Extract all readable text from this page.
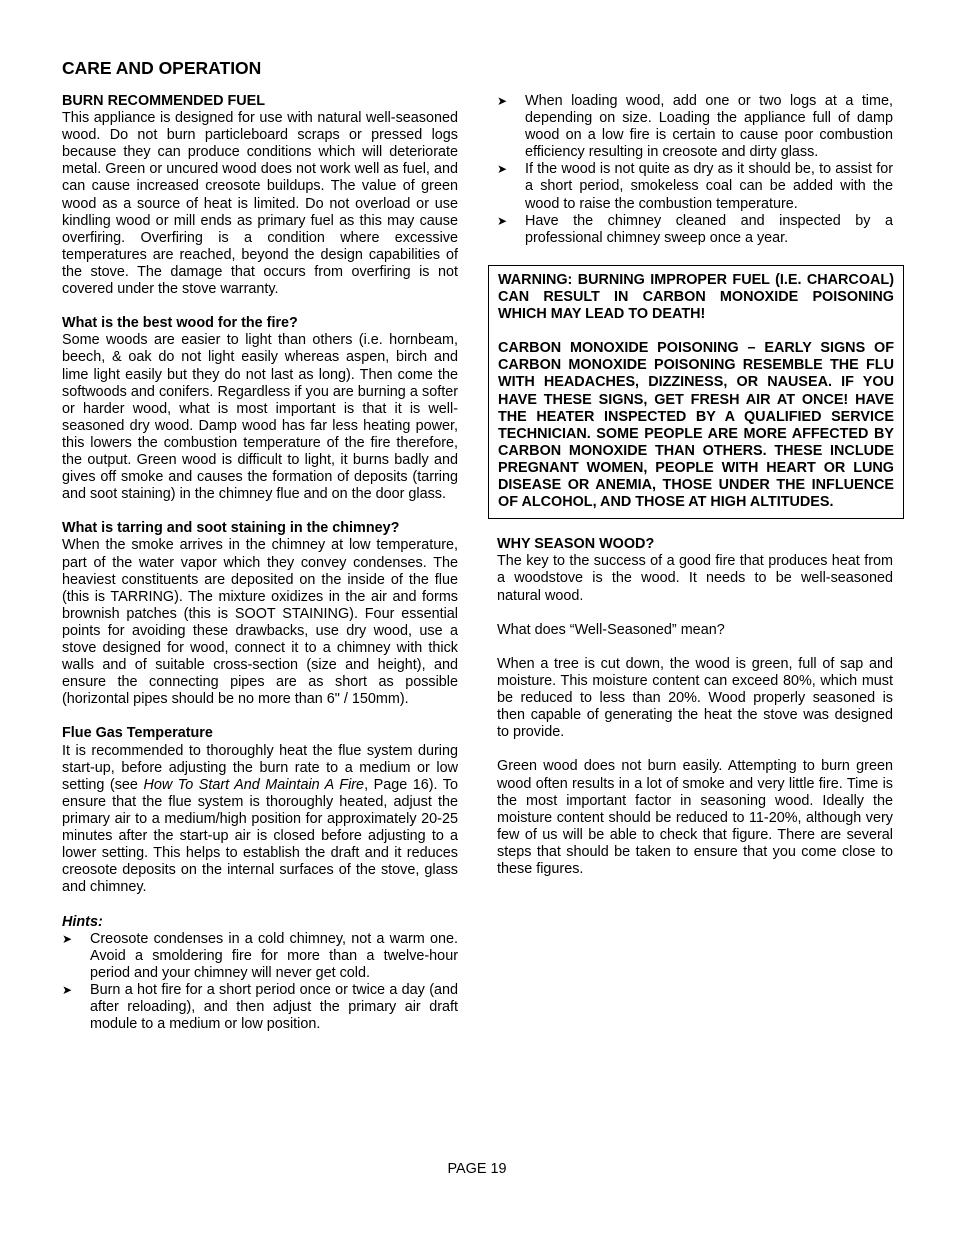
CARE AND OPERATION

BURN RECOMMENDED FUEL

This appliance is designed for use with natural well-seasoned wood. Do not burn particleboard scraps or pressed logs because they can produce conditions which will deteriorate metal. Green or uncured wood does not work well as fuel, and can cause increased creosote buildups. The value of green wood as a source of heat is limited. Do not overload or use kindling wood or mill ends as primary fuel as this may cause overfiring. Overfiring is a condition where excessive temperatures are reached, beyond the design capabilities of the stove. The damage that occurs from overfiring is not covered under the stove warranty.

What is the best wood for the fire?

Some woods are easier to light than others (i.e. hornbeam, beech, & oak do not light easily whereas aspen, birch and lime light easily but they do not last as long). Then come the softwoods and conifers. Regardless if you are burning a softer or harder wood, what is most important is that it is well-seasoned dry wood. Damp wood has far less heating power, this lowers the combustion temperature of the fire therefore, the output. Green wood is difficult to light, it burns badly and gives off smoke and causes the formation of deposits (tarring and soot staining) in the chimney flue and on the door glass.

What is tarring and soot staining in the chimney?

When the smoke arrives in the chimney at low temperature, part of the water vapor which they convey condenses. The heaviest constituents are deposited on the inside of the flue (this is TARRING). The mixture oxidizes in the air and forms brownish patches (this is SOOT STAINING). Four essential points for avoiding these drawbacks, use dry wood, use a stove designed for wood, connect it to a chimney with thick walls and of suitable cross-section (size and height), and ensure the connecting pipes are as short as possible (horizontal pipes should be no more than 6" / 150mm).

Flue Gas Temperature

It is recommended to thoroughly heat the flue system during start-up, before adjusting the burn rate to a medium or low setting (see How To Start And Maintain A Fire, Page 16). To ensure that the flue system is thoroughly heated, adjust the primary air to a medium/high position for approximately 20-25 minutes after the start-up air is closed before adjusting to a lower setting. This helps to establish the draft and it reduces creosote deposits on the internal surfaces of the stove, glass and chimney.

Hints:

➤ Creosote condenses in a cold chimney, not a warm one. Avoid a smoldering fire for more than a twelve-hour period and your chimney will never get cold.
➤ Burn a hot fire for a short period once or twice a day (and after reloading), and then adjust the primary air draft module to a medium or low position.
➤ When loading wood, add one or two logs at a time, depending on size. Loading the appliance full of damp wood on a low fire is certain to cause poor combustion efficiency resulting in creosote and dirty glass.
➤ If the wood is not quite as dry as it should be, to assist for a short period, smokeless coal can be added with the wood to raise the combustion temperature.
➤ Have the chimney cleaned and inspected by a professional chimney sweep once a year.

WARNING: BURNING IMPROPER FUEL (I.E. CHARCOAL) CAN RESULT IN CARBON MONOXIDE POISONING WHICH MAY LEAD TO DEATH!

CARBON MONOXIDE POISONING – EARLY SIGNS OF CARBON MONOXIDE POISONING RESEMBLE THE FLU WITH HEADACHES, DIZZINESS, OR NAUSEA. IF YOU HAVE THESE SIGNS, GET FRESH AIR AT ONCE! HAVE THE HEATER INSPECTED BY A QUALIFIED SERVICE TECHNICIAN. SOME PEOPLE ARE MORE AFFECTED BY CARBON MONOXIDE THAN OTHERS. THESE INCLUDE PREGNANT WOMEN, PEOPLE WITH HEART OR LUNG DISEASE OR ANEMIA, THOSE UNDER THE INFLUENCE OF ALCOHOL, AND THOSE AT HIGH ALTITUDES.

WHY SEASON WOOD?

The key to the success of a good fire that produces heat from a woodstove is the wood. It needs to be well-seasoned natural wood.

What does “Well-Seasoned” mean?

When a tree is cut down, the wood is green, full of sap and moisture. This moisture content can exceed 80%, which must be reduced to less than 20%. Wood properly seasoned is then capable of generating the heat the stove was designed to provide.

Green wood does not burn easily. Attempting to burn green wood often results in a lot of smoke and very little fire. Time is the most important factor in seasoning wood. Ideally the moisture content should be reduced to 11-20%, although very few of us will be able to check that figure. There are several steps that should be taken to ensure that you come close to these figures.

PAGE 19
